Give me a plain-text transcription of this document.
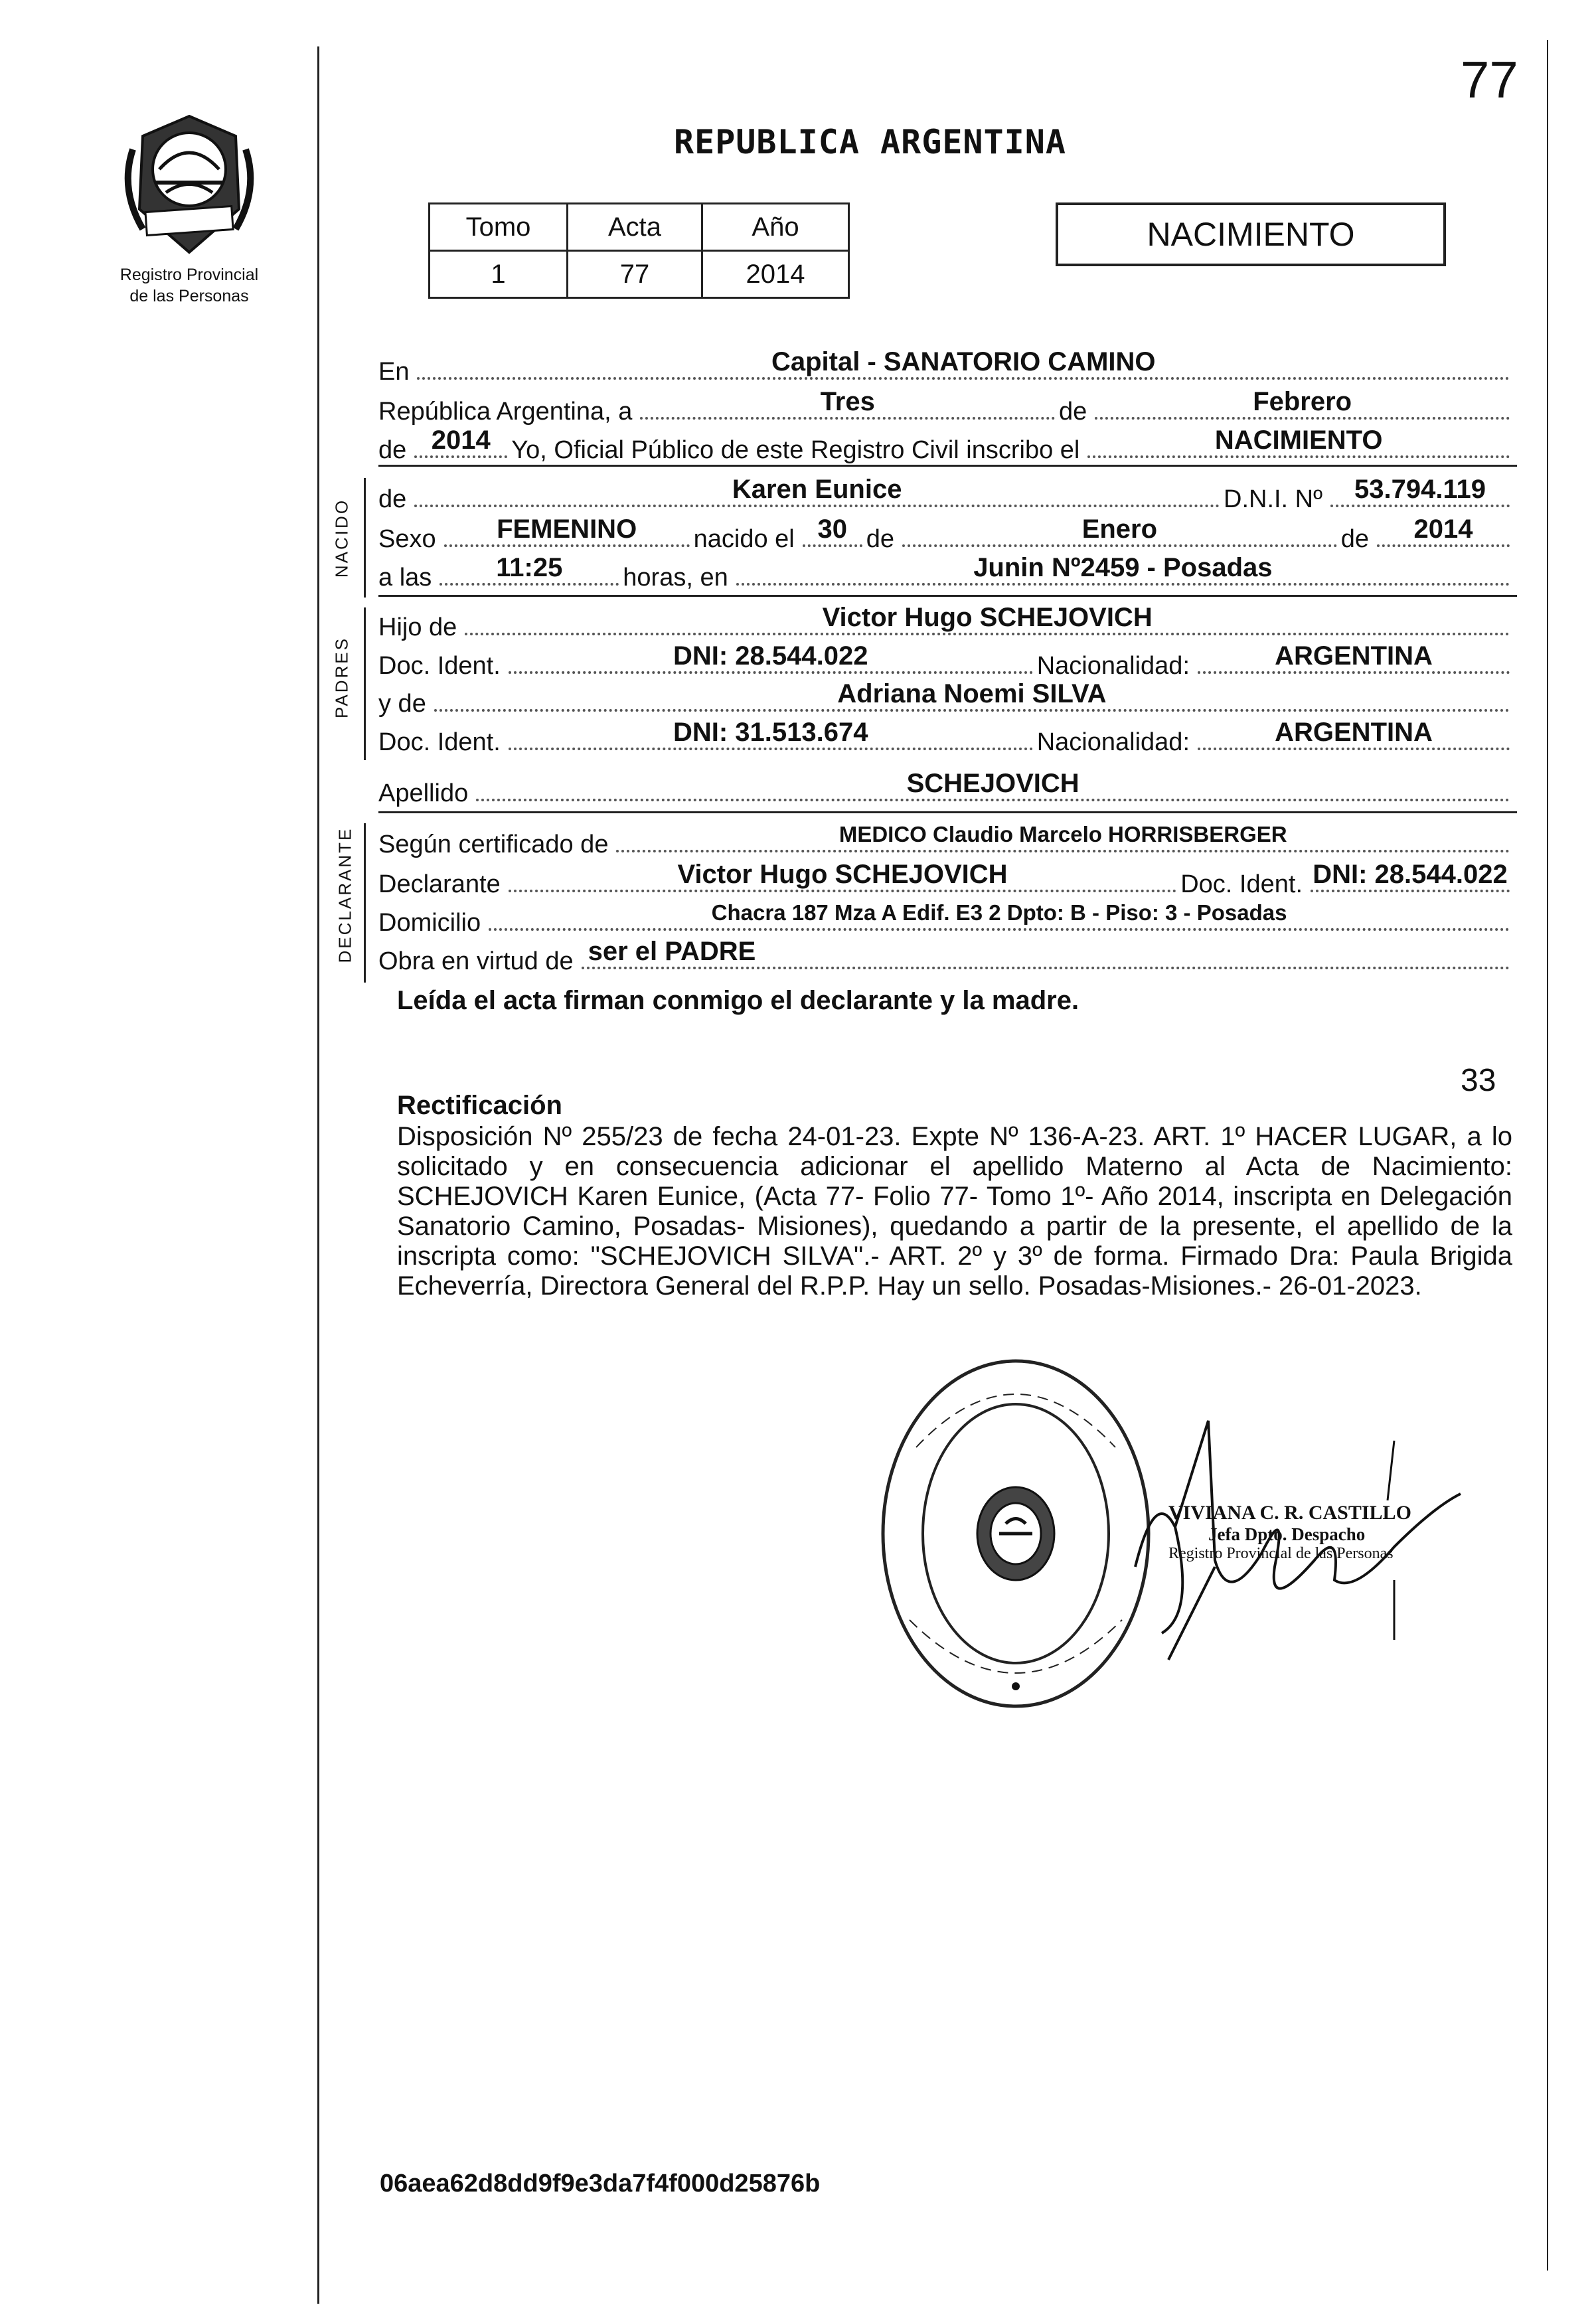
77
Registro Provincial
de las Personas
REPUBLICA ARGENTINA
Tomo	Acta	Año
1	77	2014
NACIMIENTO
En	Capital - SANATORIO CAMINO
República Argentina, a	Tres	de	Febrero
de 2014 Yo, Oficial Público de este Registro Civil inscribo el	NACIMIENTO
NACIDO de	Karen Eunice	D.N.I. Nº	53.794.119
Sexo	FEMENINO	nacido el 30 de	Enero	de	2014
a las	11:25	horas, en	Junin Nº2459 - Posadas
PADRES
Hijo de	Victor Hugo SCHEJOVICH
Doc. Ident.	DNI: 28.544.022	Nacionalidad:	ARGENTINA
y de	Adriana Noemi SILVA
Doc. Ident.	DNI: 31.513.674	Nacionalidad:	ARGENTINA
Apellido	SCHEJOVICH
DECLARANTE Según certificado de	MEDICO Claudio Marcelo HORRISBERGER
Declarante	Victor Hugo SCHEJOVICH	Doc. Ident. DNI: 28.544.022
Domicilio	Chacra 187 Mza A Edif. E3 2 Dpto: B - Piso: 3 - Posadas
Obra en virtud de ser el PADRE
Leída el acta firman conmigo el declarante y la madre.
33
Rectificación
Disposición Nº 255/23 de fecha 24-01-23. Expte Nº 136-A-23. ART. 1º HACER LUGAR, a lo solicitado y en consecuencia adicionar el apellido Materno al Acta de Nacimiento: SCHEJOVICH Karen Eunice, (Acta 77- Folio 77- Tomo 1º- Año 2014, inscripta en Delegación Sanatorio Camino, Posadas- Misiones), quedando a partir de la presente, el apellido de la inscripta como: "SCHEJOVICH SILVA".- ART. 2º y 3º de forma. Firmado Dra: Paula Brigida Echeverría, Directora General del R.P.P. Hay un sello. Posadas-Misiones.- 26-01-2023.
VIVIANA C. R. CASTILLO
Jefa Dpto. Despacho
Registro Provincial de las Personas
06aea62d8dd9f9e3da7f4f000d25876b
